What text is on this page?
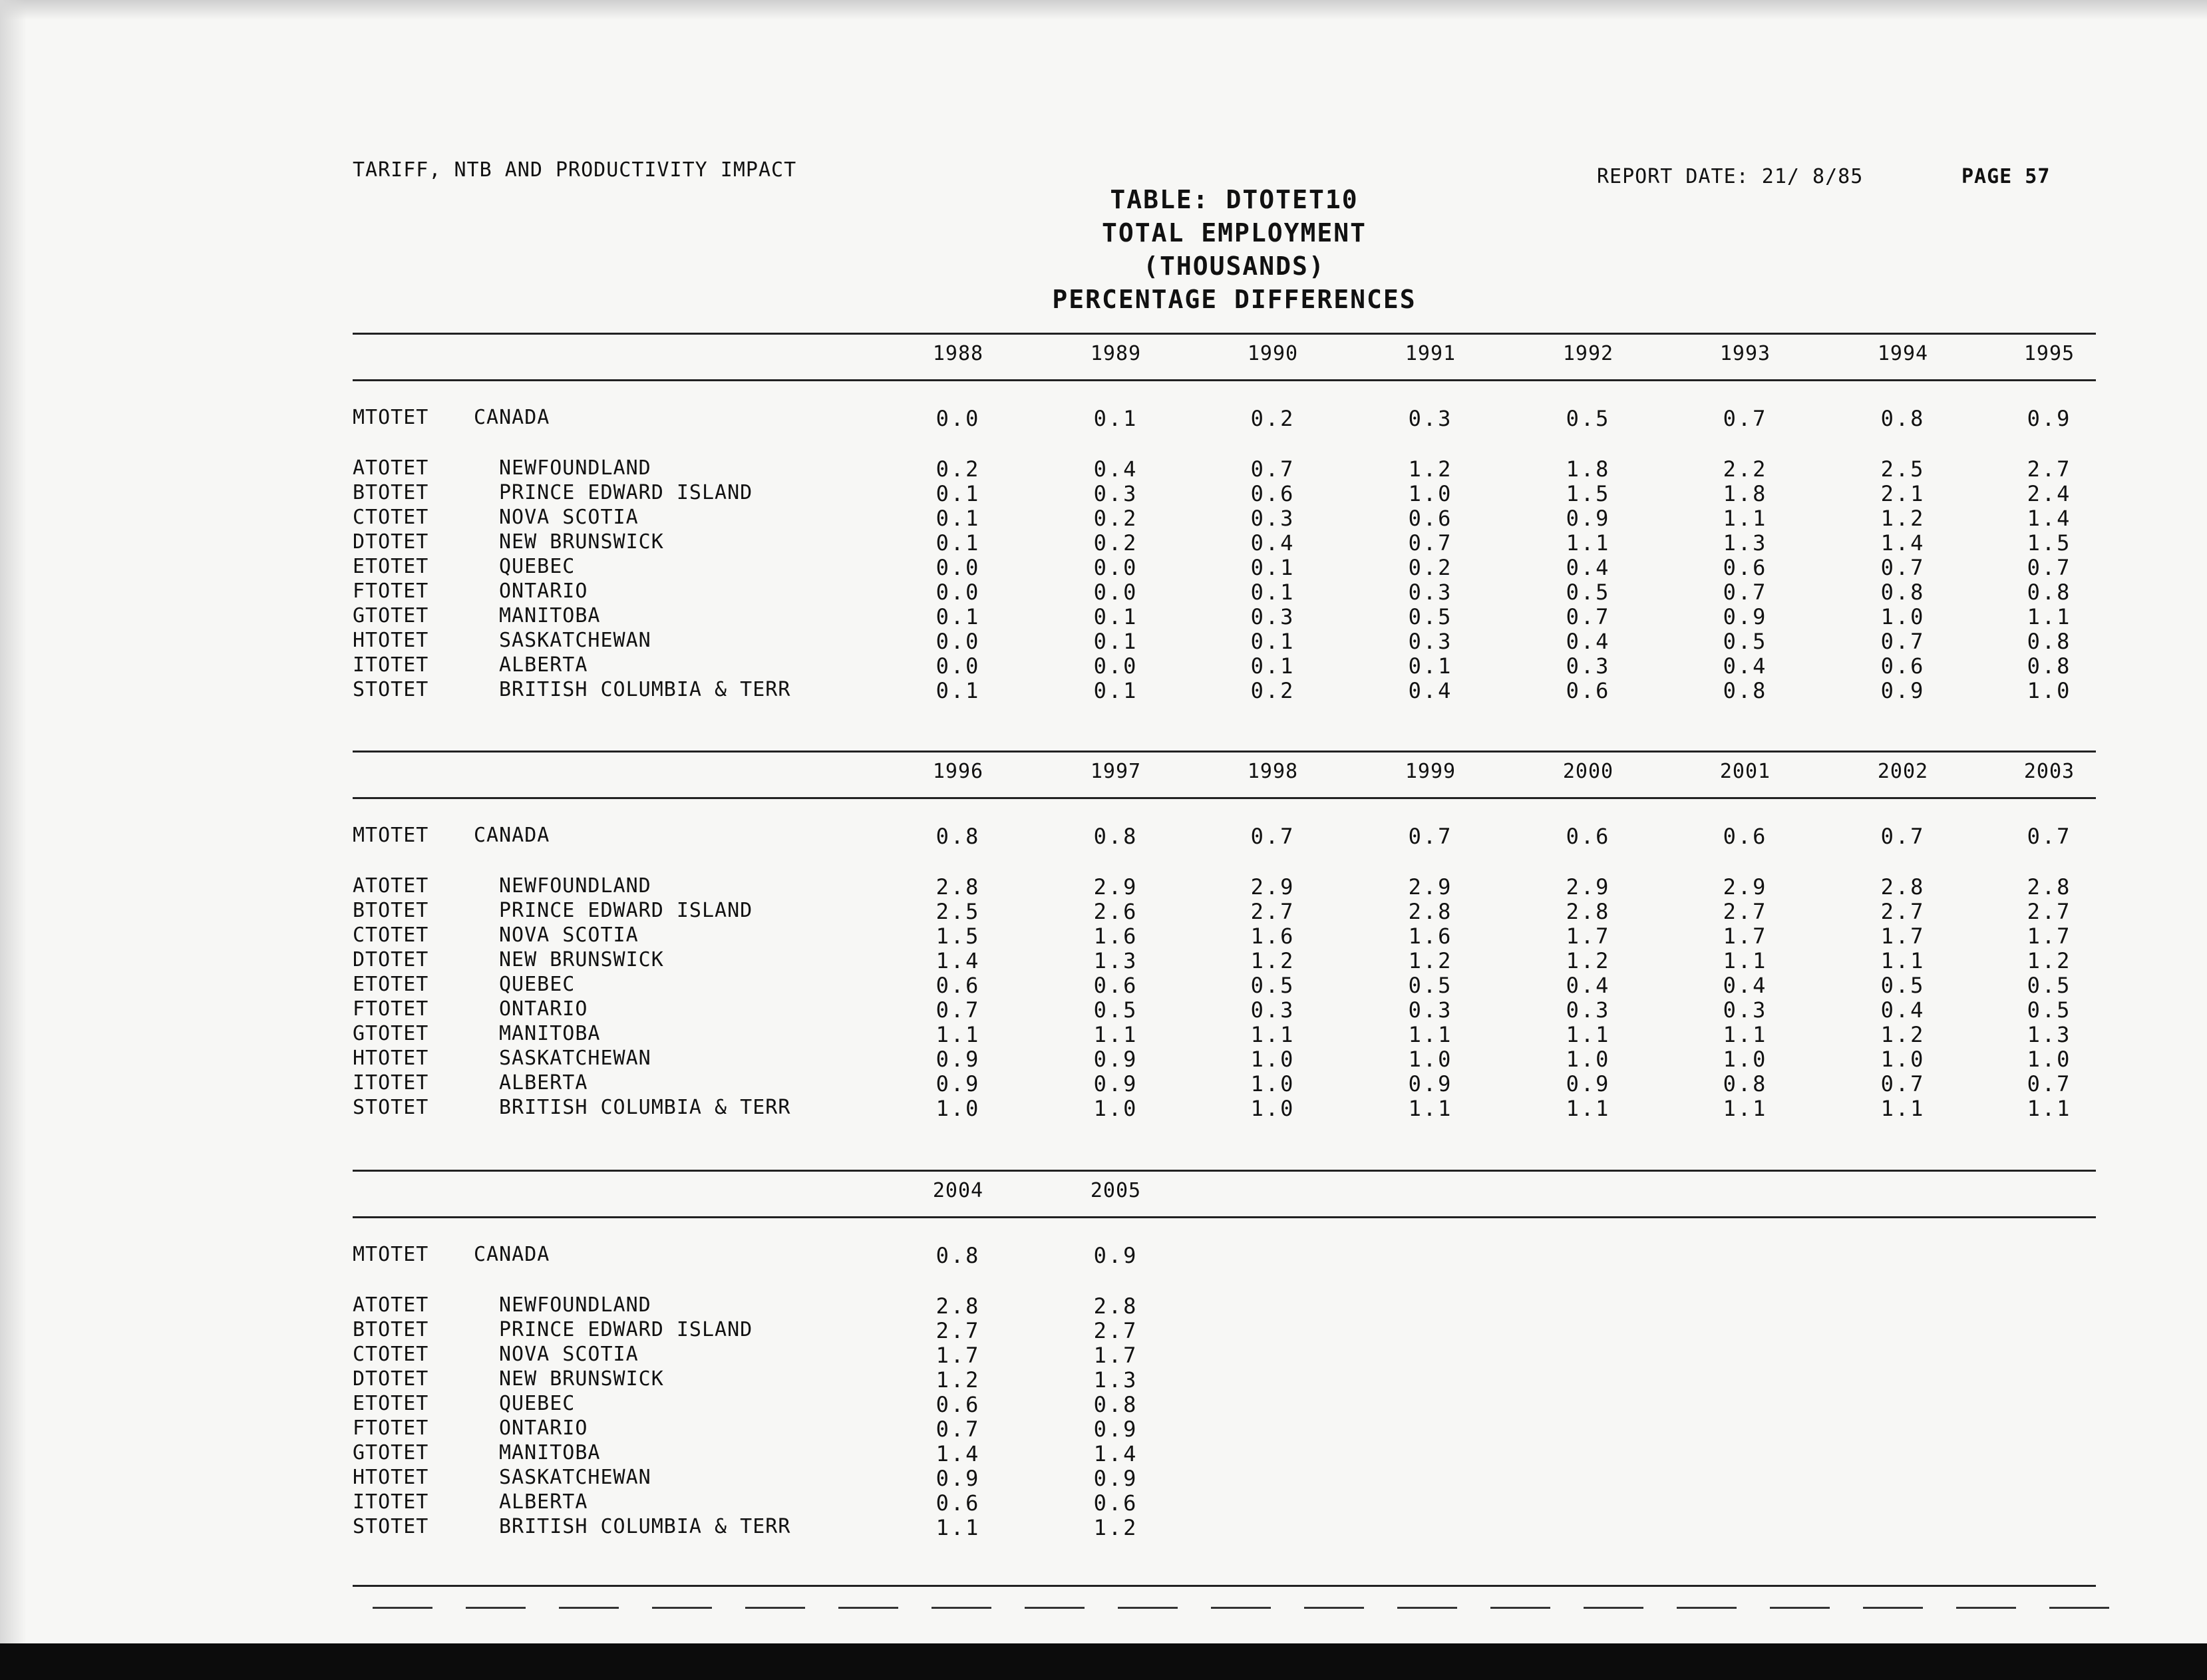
TARIFF, NTB AND PRODUCTIVITY IMPACT	REPORT DATE: 21/ 8/85	PAGE 57
TABLE: DTOTET10
TOTAL EMPLOYMENT
(THOUSANDS)
PERCENTAGE DIFFERENCES
1988	1989	1990	1991	1992	1993	1994	1995
MTOTET CANADA	0.0	0.1	0.2	0.3	0.5	0.7	0.8	0.9
ATOTET	NEWFOUNDLAND	0.2	0.4	0.7	1.2	1.8	2.2	2.5	2.7
BTOTET	PRINCE EDWARD ISLAND	0.1	0.3	0.6	1.0	1.5	1.8	2.1	2.4
CTOTET	NOVA SCOTIA	0.1	0.2	0.3	0.6	0.9	1.1	1.2	1.4
DTOTET	NEW BRUNSWICK	0.1	0.2	0.4	0.7	1.1	1.3	1.4	1.5
ETOTET	QUEBEC	0.0	0.0	0.1	0.2	0.4	0.6	0.7	0.7
FTOTET	ONTARIO	0.0	0.0	0.1	0.3	0.5	0.7	0.8	0.8
GTOTET	MANITOBA	0.1	0.1	0.3	0.5	0.7	0.9	1.0	1.1
HTOTET	SASKATCHEWAN	0.0	0.1	0.1	0.3	0.4	0.5	0.7	0.8
ITOTET	ALBERTA	0.0	0.0	0.1	0.1	0.3	0.4	0.6	0.8
STOTET	BRITISH COLUMBIA & TERR	0.1	0.1	0.2	0.4	0.6	0.8	0.9	1.0
1996	1997	1998	1999	2000	2001	2002	2003
MTOTET CANADA	0.8	0.8	0.7	0.7	0.6	0.6	0.7	0.7
ATOTET	NEWFOUNDLAND	2.8	2.9	2.9	2.9	2.9	2.9	2.8	2.8
BTOTET	PRINCE EDWARD ISLAND	2.5	2.6	2.7	2.8	2.8	2.7	2.7	2.7
CTOTET	NOVA SCOTIA	1.5	1.6	1.6	1.6	1.7	1.7	1.7	1.7
DTOTET	NEW BRUNSWICK	1.4	1.3	1.2	1.2	1.2	1.1	1.1	1.2
ETOTET	QUEBEC	0.6	0.6	0.5	0.5	0.4	0.4	0.5	0.5
FTOTET	ONTARIO	0.7	0.5	0.3	0.3	0.3	0.3	0.4	0.5
GTOTET	MANITOBA	1.1	1.1	1.1	1.1	1.1	1.1	1.2	1.3
HTOTET	SASKATCHEWAN	0.9	0.9	1.0	1.0	1.0	1.0	1.0	1.0
ITOTET	ALBERTA	0.9	0.9	1.0	0.9	0.9	0.8	0.7	0.7
STOTET	BRITISH COLUMBIA & TERR	1.0	1.0	1.0	1.1	1.1	1.1	1.1	1.1
2004	2005
MTOTET CANADA	0.8	0.9
ATOTET	NEWFOUNDLAND	2.8	2.8
BTOTET	PRINCE EDWARD ISLAND	2.7	2.7
CTOTET	NOVA SCOTIA	1.7	1.7
DTOTET	NEW BRUNSWICK	1.2	1.3
ETOTET	QUEBEC	0.6	0.8
FTOTET	ONTARIO	0.7	0.9
GTOTET	MANITOBA	1.4	1.4
HTOTET	SASKATCHEWAN	0.9	0.9
ITOTET	ALBERTA	0.6	0.6
STOTET	BRITISH COLUMBIA & TERR	1.1	1.2
